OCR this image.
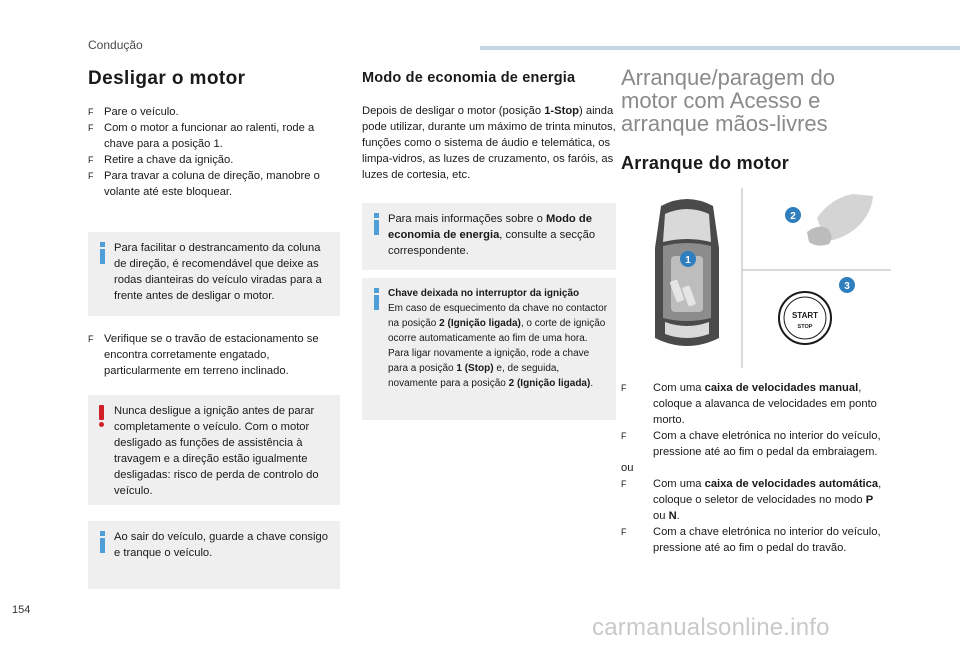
Condução
Desligar o motor
F Pare o veículo.
F Com o motor a funcionar ao ralenti, rode a chave para a posição 1.
F Retire a chave da ignição.
F Para travar a coluna de direção, manobre o volante até este bloquear.
Para facilitar o destrancamento da coluna de direção, é recomendável que deixe as rodas dianteiras do veículo viradas para a frente antes de desligar o motor.
F Verifique se o travão de estacionamento se encontra corretamente engatado, particularmente em terreno inclinado.
Nunca desligue a ignição antes de parar completamente o veículo. Com o motor desligado as funções de assistência à travagem e a direção estão igualmente desligadas: risco de perda de controlo do veículo.
Ao sair do veículo, guarde a chave consigo e tranque o veículo.
Modo de economia de energia
Depois de desligar o motor (posição 1-Stop) ainda pode utilizar, durante um máximo de trinta minutos, funções como o sistema de áudio e telemática, os limpa-vidros, as luzes de cruzamento, os faróis, as luzes de cortesia, etc.
Para mais informações sobre o Modo de economia de energia, consulte a secção correspondente.
Chave deixada no interruptor da ignição
Em caso de esquecimento da chave no contactor na posição 2 (Ignição ligada), o corte de ignição ocorre automaticamente ao fim de uma hora.
Para ligar novamente a ignição, rode a chave para a posição 1 (Stop) e, de seguida, novamente para a posição 2 (Ignição ligada).
Arranque/paragem do motor com Acesso e arranque mãos-livres
Arranque do motor
1
2
START
STOP
3
F	Com uma caixa de velocidades manual, coloque a alavanca de velocidades em ponto morto.
F	Com a chave eletrónica no interior do veículo, pressione até ao fim o pedal da embraiagem.
ou
F	Com uma caixa de velocidades automática, coloque o seletor de velocidades no modo P ou N.
F	Com a chave eletrónica no interior do veículo, pressione até ao fim o pedal do travão.
154
carmanualsonline.info
